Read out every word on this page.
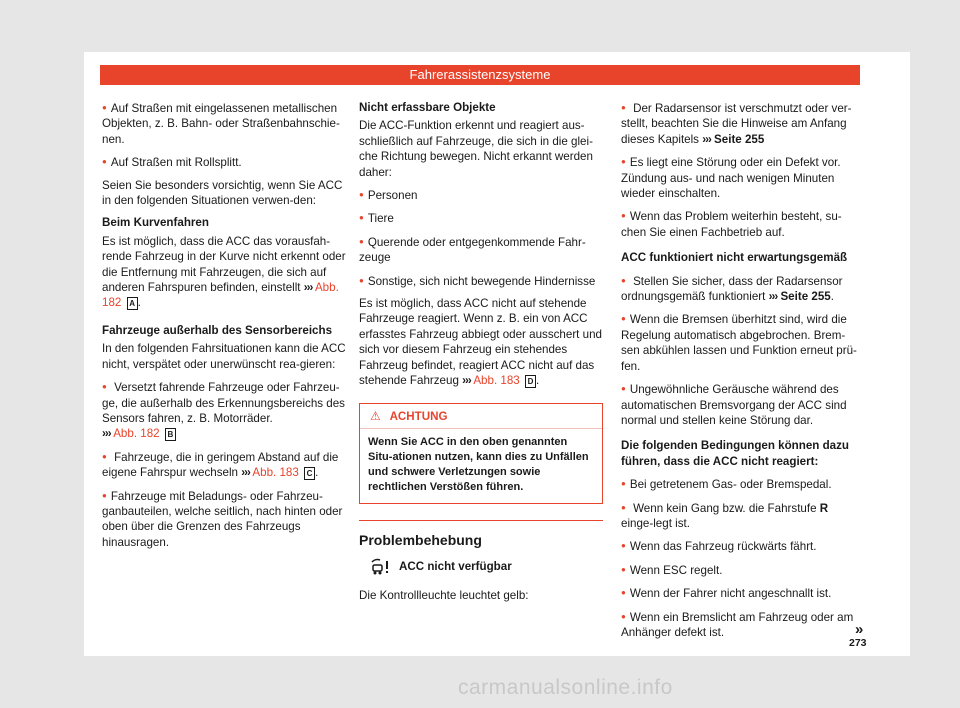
Fahrerassistenzsysteme

● Auf Straßen mit eingelassenen metallischen Objekten, z. B. Bahn- oder Straßenbahnschie-nen.

● Auf Straßen mit Rollsplitt.

Seien Sie besonders vorsichtig, wenn Sie ACC in den folgenden Situationen verwen-den:

Beim Kurvenfahren

Es ist möglich, dass die ACC das vorausfah-rende Fahrzeug in der Kurve nicht erkennt oder die Entfernung mit Fahrzeugen, die sich auf anderen Fahrspuren befinden, einstellt ››› Abb. 182 A .

Fahrzeuge außerhalb des Sensorbereichs

In den folgenden Fahrsituationen kann die ACC nicht, verspätet oder unerwünscht rea-gieren:

● Versetzt fahrende Fahrzeuge oder Fahrzeu-ge, die außerhalb des Erkennungsbereichs des Sensors fahren, z. B. Motorräder.
››› Abb. 182 B

● Fahrzeuge, die in geringem Abstand auf die eigene Fahrspur wechseln ››› Abb. 183 C .

● Fahrzeuge mit Beladungs- oder Fahrzeu-ganbauteilen, welche seitlich, nach hinten oder oben über die Grenzen des Fahrzeugs hinausragen.

Nicht erfassbare Objekte

Die ACC-Funktion erkennt und reagiert aus-schließlich auf Fahrzeuge, die sich in die glei-che Richtung bewegen. Nicht erkannt werden daher:

● Personen

● Tiere

● Querende oder entgegenkommende Fahr-zeuge

● Sonstige, sich nicht bewegende Hindernisse

Es ist möglich, dass ACC nicht auf stehende Fahrzeuge reagiert. Wenn z. B. ein von ACC erfasstes Fahrzeug abbiegt oder ausschert und sich vor diesem Fahrzeug ein stehendes Fahrzeug befindet, reagiert ACC nicht auf das stehende Fahrzeug ››› Abb. 183 D .

⚠ ACHTUNG
Wenn Sie ACC in den oben genannten Situ-ationen nutzen, kann dies zu Unfällen und schwere Verletzungen sowie rechtlichen Verstößen führen.
Problembehebung
ACC nicht verfügbar

Die Kontrollleuchte leuchtet gelb:

● Der Radarsensor ist verschmutzt oder ver-stellt, beachten Sie die Hinweise am Anfang dieses Kapitels ››› Seite 255

● Es liegt eine Störung oder ein Defekt vor. Zündung aus- und nach wenigen Minuten wieder einschalten.

● Wenn das Problem weiterhin besteht, su-chen Sie einen Fachbetrieb auf.

ACC funktioniert nicht erwartungsgemäß

● Stellen Sie sicher, dass der Radarsensor ordnungsgemäß funktioniert ››› Seite 255.

● Wenn die Bremsen überhitzt sind, wird die Regelung automatisch abgebrochen. Brem-sen abkühlen lassen und Funktion erneut prü-fen.

● Ungewöhnliche Geräusche während des automatischen Bremsvorgang der ACC sind normal und stellen keine Störung dar.

Die folgenden Bedingungen können dazu führen, dass die ACC nicht reagiert:

● Bei getretenem Gas- oder Bremspedal.

● Wenn kein Gang bzw. die Fahrstufe R einge-legt ist.

● Wenn das Fahrzeug rückwärts fährt.

● Wenn ESC regelt.

● Wenn der Fahrer nicht angeschnallt ist.

● Wenn ein Bremslicht am Fahrzeug oder am Anhänger defekt ist.	»
273
carmanualsonline.info
